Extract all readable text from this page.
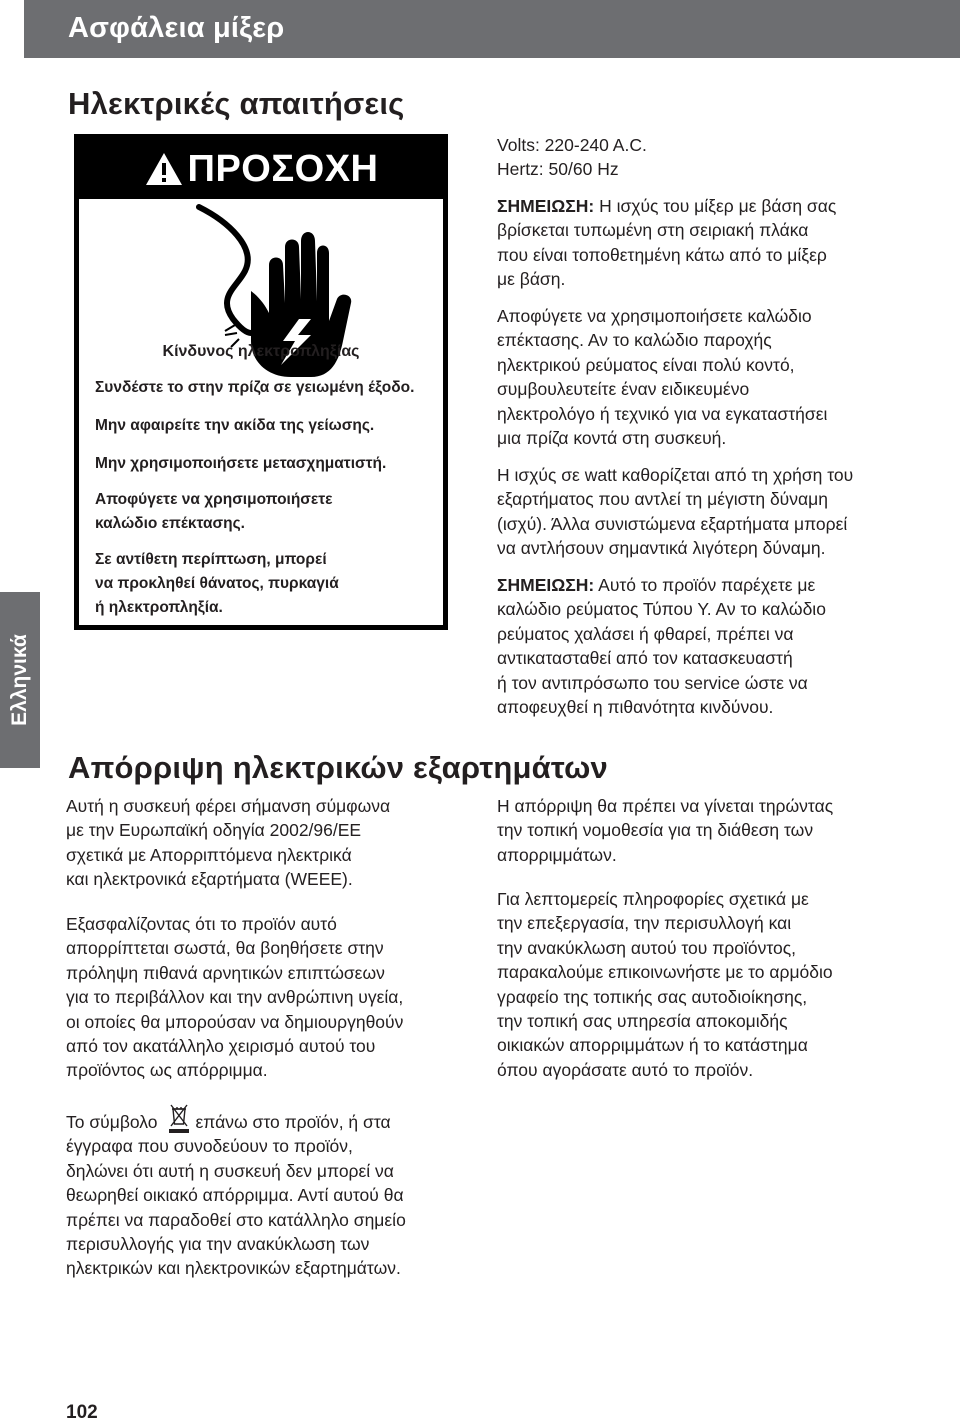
Ασφάλεια μίξερ
Ελληνικά
Ηλεκτρικές απαιτήσεις
ΠΡΟΣΟΧΗ
Κίνδυνος ηλεκτροπληξίας
Συνδέστε το στην πρίζα σε γειωμένη έξοδο.
Μην αφαιρείτε την ακίδα της γείωσης.
Μην χρησιμοποιήσετε μετασχηματιστή.
Αποφύγετε να χρησιμοποιήσετε
καλώδιο επέκτασης.
Σε αντίθετη περίπτωση, μπορεί
να προκληθεί θάνατος, πυρκαγιά
ή ηλεκτροπληξία.
Volts: 220-240 A.C.
Hertz: 50/60 Hz
ΣΗΜΕΙΩΣΗ: Η ισχύς του μίξερ με βάση σας
βρίσκεται τυπωμένη στη σειριακή πλάκα
που είναι τοποθετημένη κάτω από το μίξερ
με βάση.
Αποφύγετε να χρησιμοποιήσετε καλώδιο
επέκτασης. Αν το καλώδιο παροχής
ηλεκτρικού ρεύματος είναι πολύ κοντό,
συμβουλευτείτε έναν ειδικευμένο
ηλεκτρολόγο ή τεχνικό για να εγκαταστήσει
μια πρίζα κοντά στη συσκευή.
Η ισχύς σε watt καθορίζεται από τη χρήση του
εξαρτήματος που αντλεί τη μέγιστη δύναμη
(ισχύ). Άλλα συνιστώμενα εξαρτήματα μπορεί
να αντλήσουν σημαντικά λιγότερη δύναμη.
ΣΗΜΕΙΩΣΗ: Αυτό το προϊόν παρέχετε με
καλώδιο ρεύματος Τύπου Υ. Αν το καλώδιο
ρεύματος χαλάσει ή φθαρεί, πρέπει να
αντικατασταθεί από τον κατασκευαστή
ή τον αντιπρόσωπο του service ώστε να
αποφευχθεί η πιθανότητα κινδύνου.
Απόρριψη ηλεκτρικών εξαρτημάτων
Αυτή η συσκευή φέρει σήμανση σύμφωνα
με την Ευρωπαϊκή οδηγία 2002/96/ΕΕ
σχετικά με Απορριπτόμενα ηλεκτρικά
και ηλεκτρονικά εξαρτήματα (WEEE).
Εξασφαλίζοντας ότι το προϊόν αυτό
απορρίπτεται σωστά, θα βοηθήσετε στην
πρόληψη πιθανά αρνητικών επιπτώσεων
για το περιβάλλον και την ανθρώπινη υγεία,
οι οποίες θα μπορούσαν να δημιουργηθούν
από τον ακατάλληλο χειρισμό αυτού του
προϊόντος ως απόρριμμα.
Το σύμβολο επάνω στο προϊόν, ή στα
έγγραφα που συνοδεύουν το προϊόν,
δηλώνει ότι αυτή η συσκευή δεν μπορεί να
θεωρηθεί οικιακό απόρριμμα. Αντί αυτού θα
πρέπει να παραδοθεί στο κατάλληλο σημείο
περισυλλογής για την ανακύκλωση των
ηλεκτρικών και ηλεκτρονικών εξαρτημάτων.
Η απόρριψη θα πρέπει να γίνεται τηρώντας
την τοπική νομοθεσία για τη διάθεση των
απορριμμάτων.
Για λεπτομερείς πληροφορίες σχετικά με
την επεξεργασία, την περισυλλογή και
την ανακύκλωση αυτού του προϊόντος,
παρακαλούμε επικοινωνήστε με το αρμόδιο
γραφείο της τοπικής σας αυτοδιοίκησης,
την τοπική σας υπηρεσία αποκομιδής
οικιακών απορριμμάτων ή το κατάστημα
όπου αγοράσατε αυτό το προϊόν.
102
